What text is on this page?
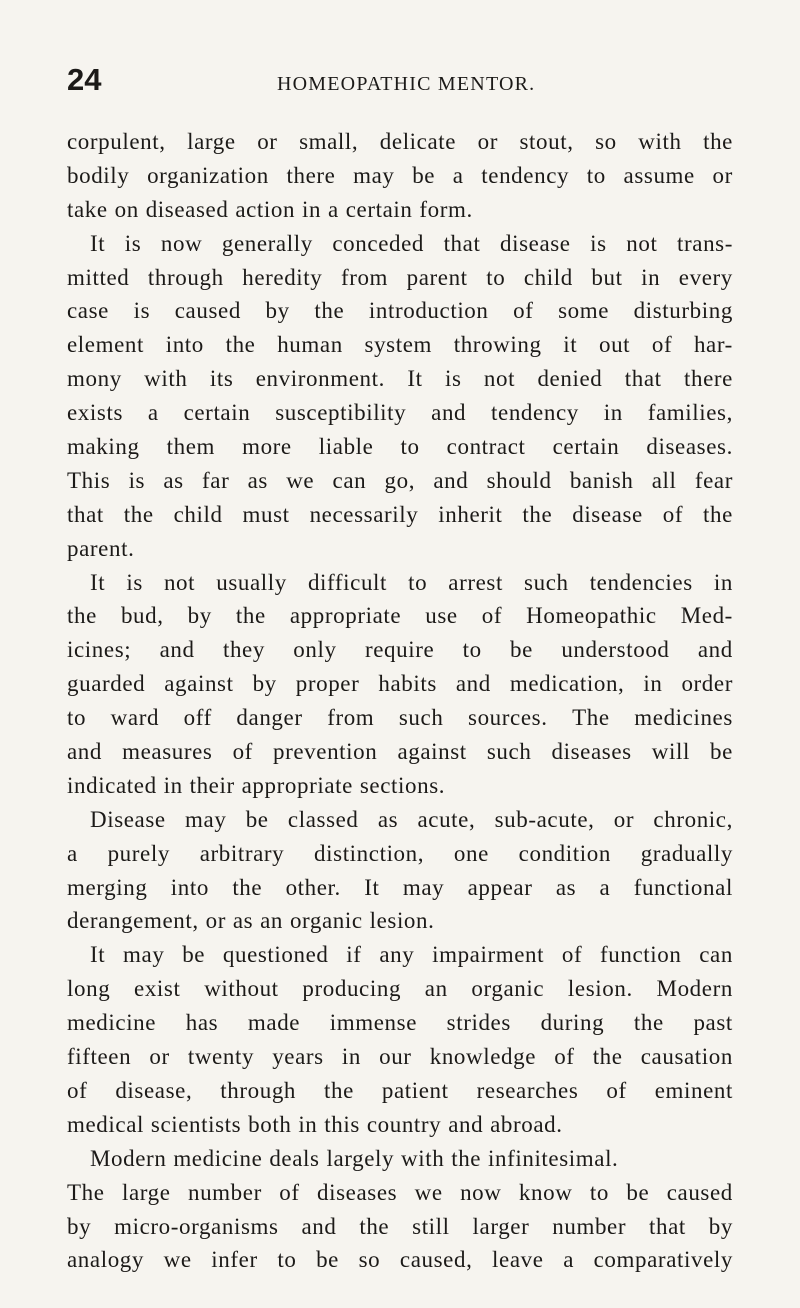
24	HOMEOPATHIC MENTOR.
corpulent, large or small, delicate or stout, so with the
bodily organization there may be a tendency to assume or
take on diseased action in a certain form.
It is now generally conceded that disease is not trans-
mitted through heredity from parent to child but in every
case is caused by the introduction of some disturbing
element into the human system throwing it out of har-
mony with its environment. It is not denied that there
exists a certain susceptibility and tendency in families,
making them more liable to contract certain diseases.
This is as far as we can go, and should banish all fear
that the child must necessarily inherit the disease of the
parent.
It is not usually difficult to arrest such tendencies in
the bud, by the appropriate use of Homeopathic Med-
icines; and they only require to be understood and
guarded against by proper habits and medication, in order
to ward off danger from such sources. The medicines
and measures of prevention against such diseases will be
indicated in their appropriate sections.
Disease may be classed as acute, sub-acute, or chronic,
a purely arbitrary distinction, one condition gradually
merging into the other. It may appear as a functional
derangement, or as an organic lesion.
It may be questioned if any impairment of function can
long exist without producing an organic lesion. Modern
medicine has made immense strides during the past
fifteen or twenty years in our knowledge of the causation
of disease, through the patient researches of eminent
medical scientists both in this country and abroad.
Modern medicine deals largely with the infinitesimal.
The large number of diseases we now know to be caused
by micro-organisms and the still larger number that by
analogy we infer to be so caused, leave a comparatively
